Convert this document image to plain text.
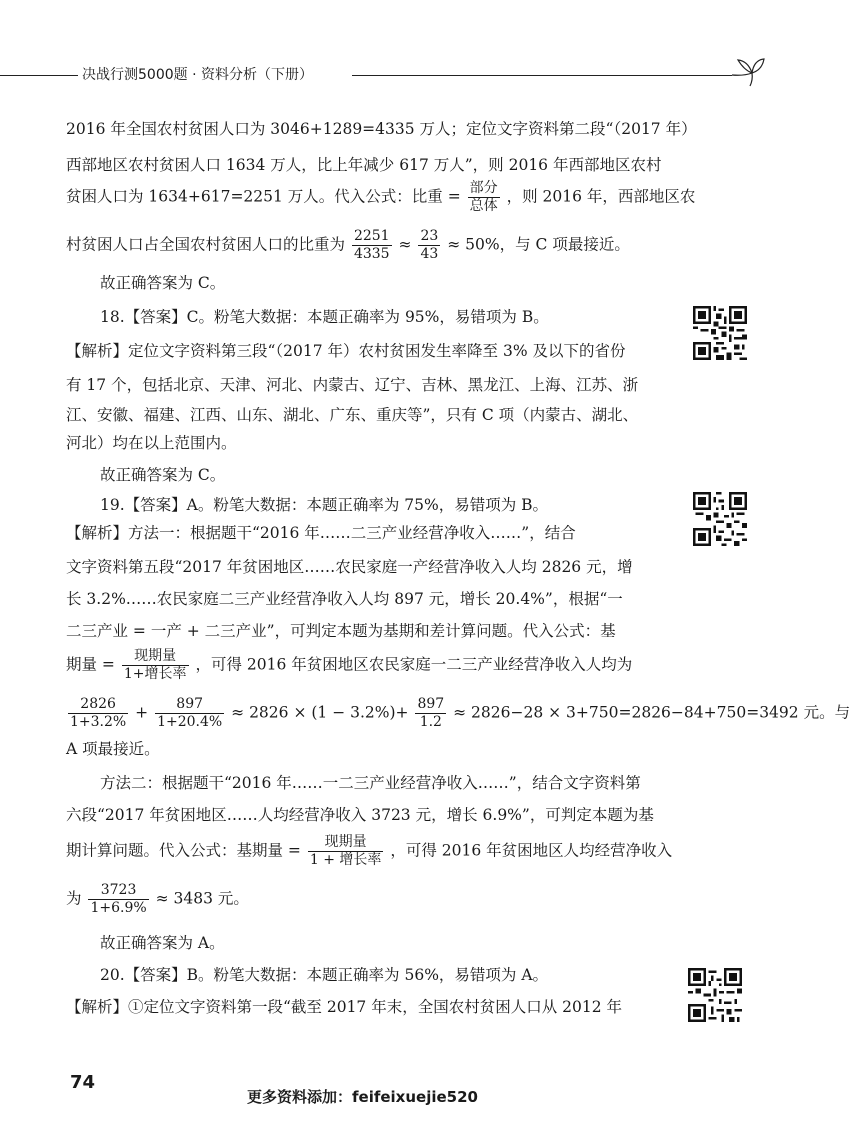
决战行测5000题 · 资料分析（下册）
2016 年全国农村贫困人口为 3046+1289=4335 万人；定位文字资料第二段“（2017 年）
西部地区农村贫困人口 1634 万人，比上年减少 617 万人”，则 2016 年西部地区农村
贫困人口为 1634+617=2251 万人。代入公式：比重 = $\frac{\text{部分}}{\text{总体}}$ ，则 2016 年，西部地区农
村贫困人口占全国农村贫困人口的比重为 $\frac{2251}{4335} \approx \frac{23}{43} \approx 50\%$，与 C 项最接近。
故正确答案为 C。
18.【答案】C。粉笔大数据：本题正确率为 95%，易错项为 B。
【解析】定位文字资料第三段“（2017 年）农村贫困发生率降至 3% 及以下的省份
有 17 个，包括北京、天津、河北、内蒙古、辽宁、吉林、黑龙江、上海、江苏、浙
江、安徽、福建、江西、山东、湖北、广东、重庆等”，只有 C 项（内蒙古、湖北、
河北）均在以上范围内。
故正确答案为 C。
19.【答案】A。粉笔大数据：本题正确率为 75%，易错项为 B。
【解析】方法一：根据题干“2016 年……二三产业经营净收入……”，结合
文字资料第五段“2017 年贫困地区……农民家庭一产经营净收入人均 2826 元，增
长 3.2%……农民家庭二三产业经营净收入人均 897 元，增长 20.4%”，根据“一
二三产业 = 一产 + 二三产业”，可判定本题为基期和差计算问题。代入公式：基
期量 = $\frac{\text{现期量}}{\text{1+增长率}}$ ，可得 2016 年贫困地区农民家庭一二三产业经营净收入人均为
$\frac{2826}{1+3.2\%} + \frac{897}{1+20.4\%} \approx 2826 \times (1 - 3.2\%)+ \frac{897}{1.2} \approx 2826-28 \times 3+750=2826-84+750=3492$ 元。与
A 项最接近。
方法二：根据题干“2016 年……一二三产业经营净收入……”，结合文字资料第
六段“2017 年贫困地区……人均经营净收入 3723 元，增长 6.9%”，可判定本题为基
期计算问题。代入公式：基期量 = $\frac{\text{现期量}}{\text{1 + 增长率}}$ ，可得 2016 年贫困地区人均经营净收入
为 $\frac{3723}{1+6.9\%} \approx 3483$ 元。
故正确答案为 A。
20.【答案】B。粉笔大数据：本题正确率为 56%，易错项为 A。
【解析】①定位文字资料第一段“截至 2017 年末，全国农村贫困人口从 2012 年
74
更多资料添加：feifeixuejie520
